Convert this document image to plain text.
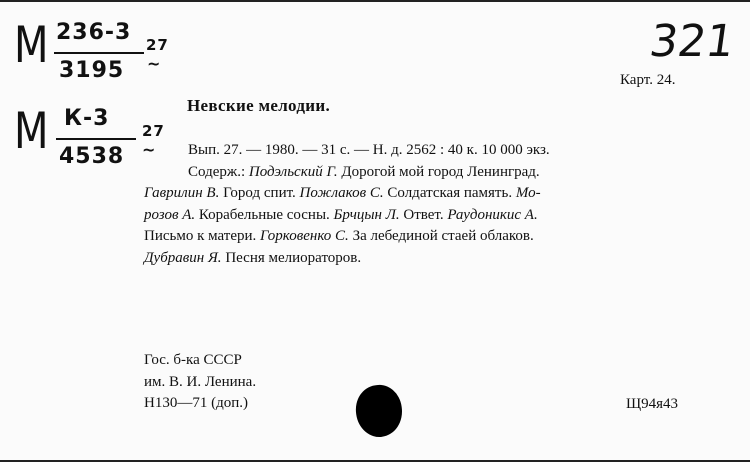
М 236-3
3195
27
~
М К-3
4538
27
~
321
Карт. 24.
Невские мелодии.
Вып. 27. — 1980. — 31 с. — Н. д. 2562 : 40 к. 10 000 экз.
Содерж.: Подэльский Г. Дорогой мой город Ленинград.
Гаврилин В. Город спит. Пожлаков С. Солдатская память. Мо-
розов А. Корабельные сосны. Брчцын Л. Ответ. Раудоникис А.
Письмо к матери. Горковенко С. За лебединой стаей облаков.
Дубравин Я. Песня мелиораторов.
Гос. б-ка СССР
им. В. И. Ленина.
Н130—71 (доп.)	Щ94я43
